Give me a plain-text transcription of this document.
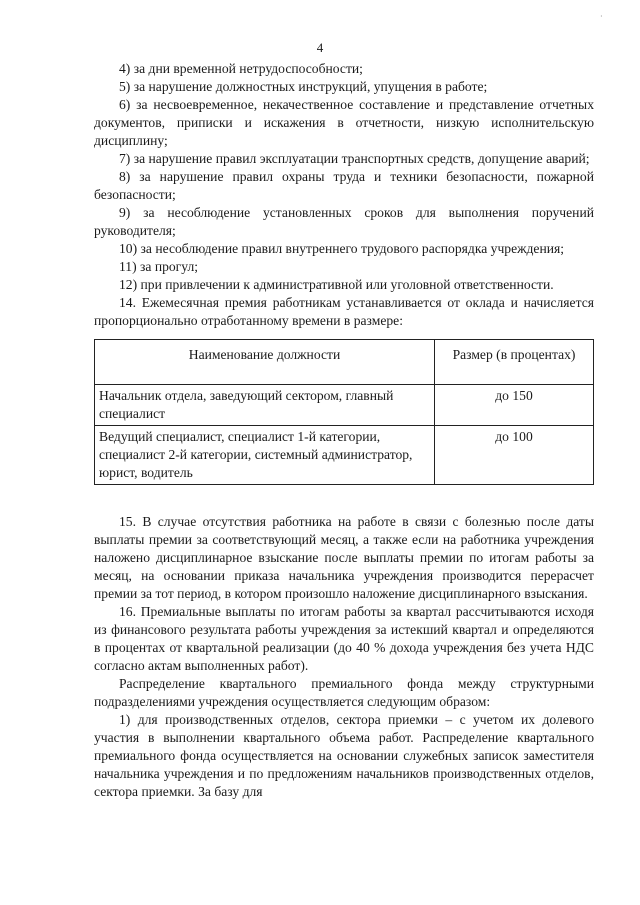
·
4

4) за дни временной нетрудоспособности;

5) за нарушение должностных инструкций, упущения в работе;

6) за несвоевременное, некачественное составление и представление отчетных документов, приписки и искажения в отчетности, низкую исполнительскую дисциплину;

7) за нарушение правил эксплуатации транспортных средств, допущение аварий;

8) за нарушение правил охраны труда и техники безопасности, пожарной безопасности;

9) за несоблюдение установленных сроков для выполнения поручений руководителя;

10) за несоблюдение правил внутреннего трудового распорядка учреждения;

11) за прогул;

12) при привлечении к административной или уголовной ответственности.

14. Ежемесячная премия работникам устанавливается от оклада и начисляется пропорционально отработанному времени в размере:

Наименование должности	Размер (в процентах)
Начальник отдела, заведующий сектором, главный специалист	до 150
Ведущий специалист, специалист 1-й категории, специалист 2-й категории, системный администратор, юрист, водитель	до 100

15. В случае отсутствия работника на работе в связи с болезнью после даты выплаты премии за соответствующий месяц, а также если на работника учреждения наложено дисциплинарное взыскание после выплаты премии по итогам работы за месяц, на основании приказа начальника учреждения производится перерасчет премии за тот период, в котором произошло наложение дисциплинарного взыскания.

16. Премиальные выплаты по итогам работы за квартал рассчитываются исходя из финансового результата работы учреждения за истекший квартал и определяются в процентах от квартальной реализации (до 40 % дохода учреждения без учета НДС согласно актам выполненных работ).

Распределение квартального премиального фонда между структурными подразделениями учреждения осуществляется следующим образом:

1) для производственных отделов, сектора приемки – с учетом их долевого участия в выполнении квартального объема работ. Распределение квартального премиального фонда осуществляется на основании служебных записок заместителя начальника учреждения и по предложениям начальников производственных отделов, сектора приемки. За базу для
